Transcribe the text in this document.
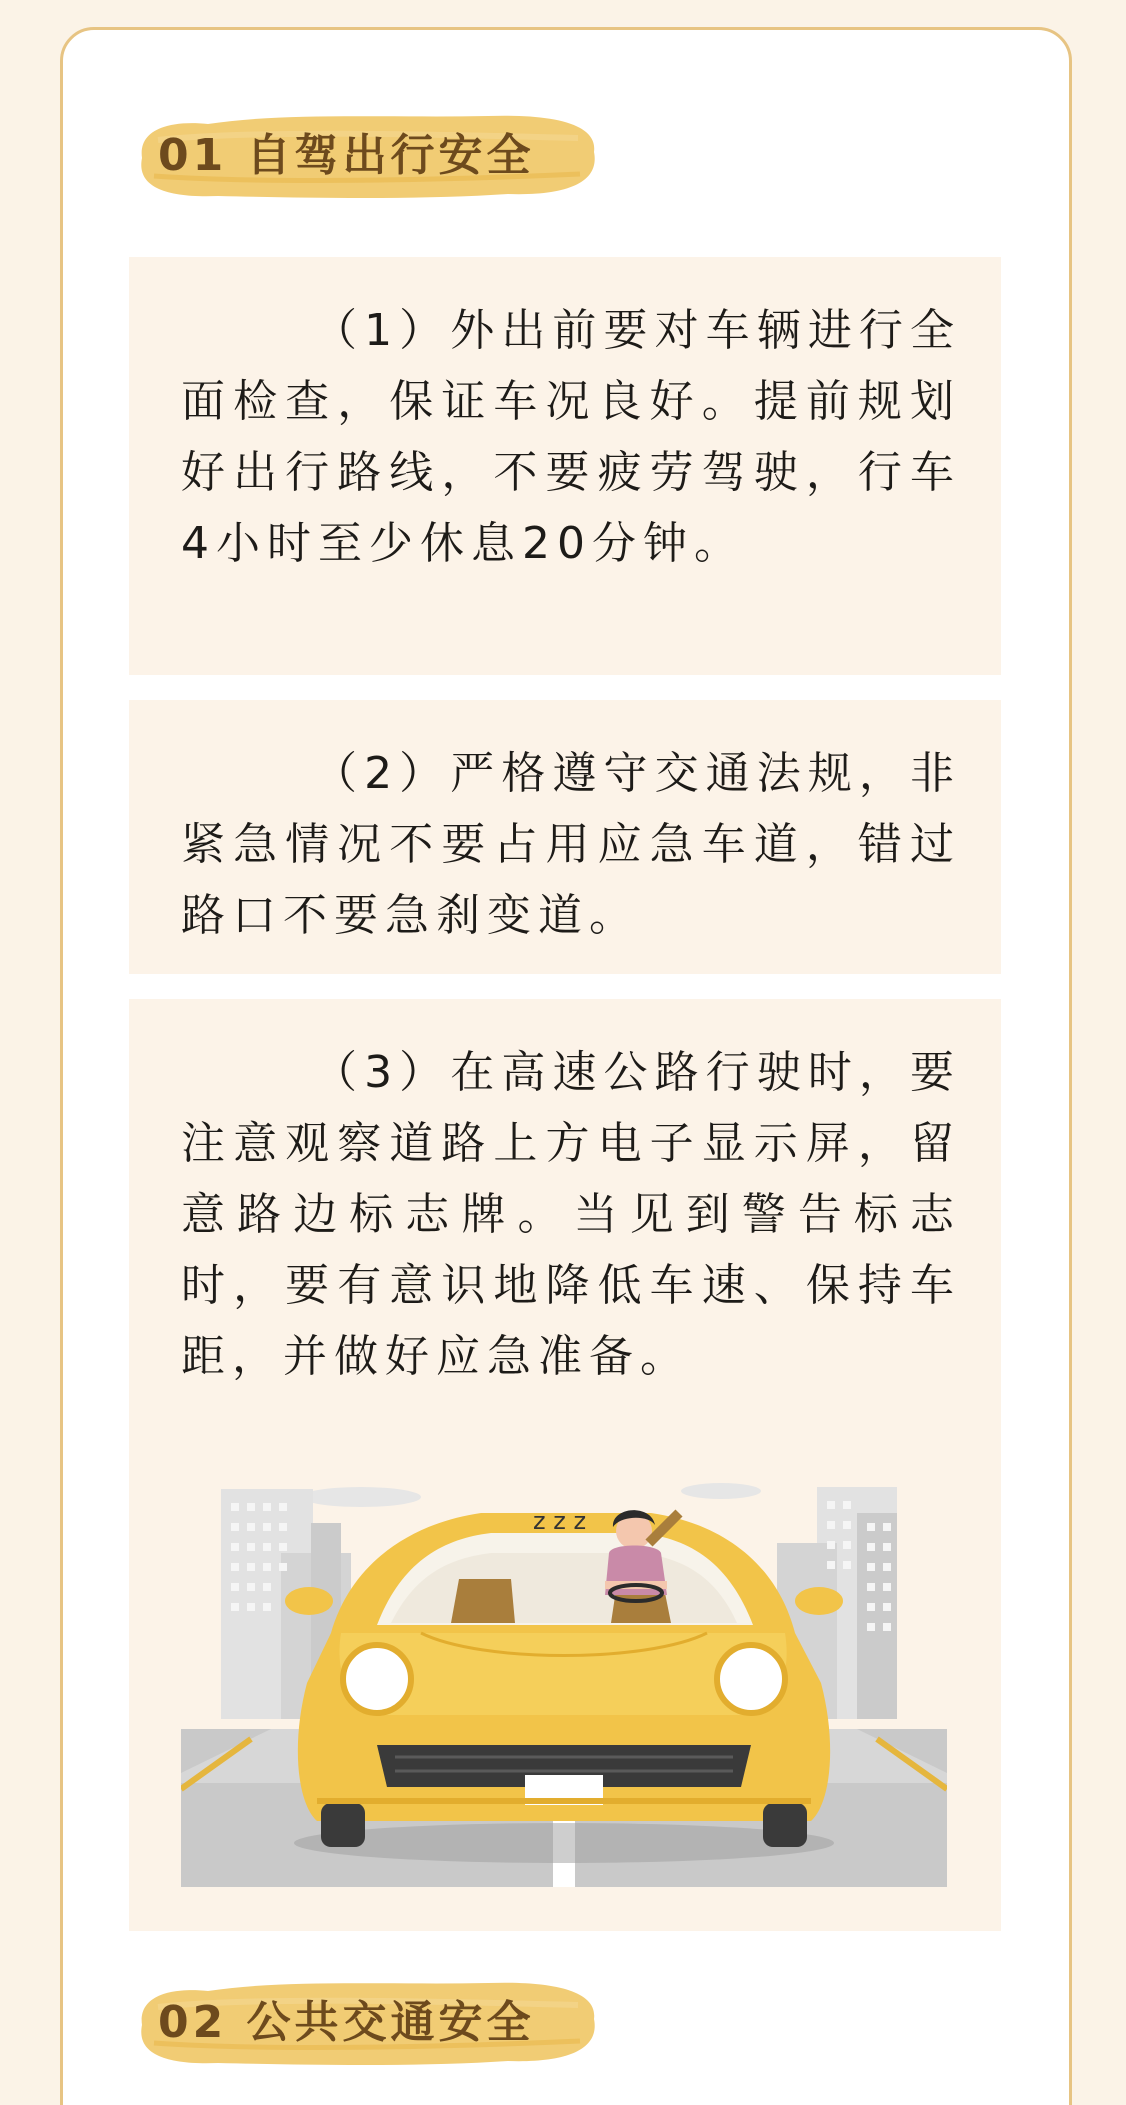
01 自驾出行安全

（1）外出前要对车辆进行全面检查，保证车况良好。提前规划好出行路线，不要疲劳驾驶，行车4小时至少休息20分钟。

（2）严格遵守交通法规，非紧急情况不要占用应急车道，错过路口不要急刹变道。

（3）在高速公路行驶时，要注意观察道路上方电子显示屏，留意路边标志牌。当见到警告标志时，要有意识地降低车速、保持车距，并做好应急准备。

z z z
02 公共交通安全
